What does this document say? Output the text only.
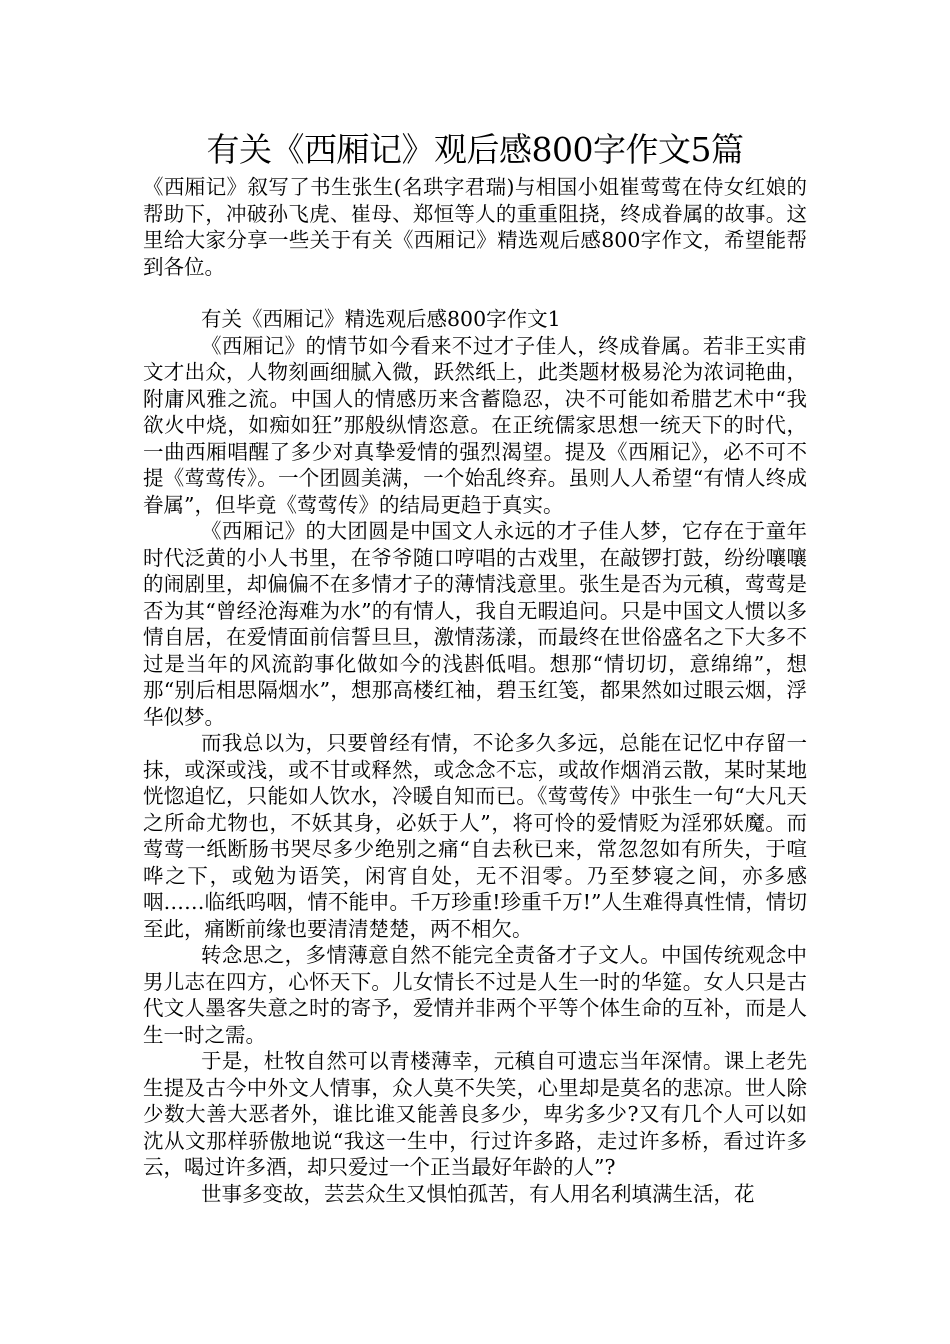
有关《西厢记》观后感800字作文5篇

《西厢记》叙写了书生张生(名珙字君瑞)与相国小姐崔莺莺在侍女红娘的帮助下，冲破孙飞虎、崔母、郑恒等人的重重阻挠，终成眷属的故事。这里给大家分享一些关于有关《西厢记》精选观后感800字作文，希望能帮到各位。

有关《西厢记》精选观后感800字作文1

《西厢记》的情节如今看来不过才子佳人，终成眷属。若非王实甫文才出众，人物刻画细腻入微，跃然纸上，此类题材极易沦为浓词艳曲，附庸风雅之流。中国人的情感历来含蓄隐忍，决不可能如希腊艺术中“我欲火中烧，如痴如狂”那般纵情恣意。在正统儒家思想一统天下的时代，一曲西厢唱醒了多少对真挚爱情的强烈渴望。提及《西厢记》，必不可不提《莺莺传》。一个团圆美满，一个始乱终弃。虽则人人希望“有情人终成眷属”，但毕竟《莺莺传》的结局更趋于真实。

《西厢记》的大团圆是中国文人永远的才子佳人梦，它存在于童年时代泛黄的小人书里，在爷爷随口哼唱的古戏里，在敲锣打鼓，纷纷嚷嚷的闹剧里，却偏偏不在多情才子的薄情浅意里。张生是否为元稹，莺莺是否为其“曾经沧海难为水”的有情人，我自无暇追问。只是中国文人惯以多情自居，在爱情面前信誓旦旦，激情荡漾，而最终在世俗盛名之下大多不过是当年的风流韵事化做如今的浅斟低唱。想那“情切切，意绵绵”，想那“别后相思隔烟水”，想那高楼红袖，碧玉红笺，都果然如过眼云烟，浮华似梦。

而我总以为，只要曾经有情，不论多久多远，总能在记忆中存留一抹，或深或浅，或不甘或释然，或念念不忘，或故作烟消云散，某时某地恍惚追忆，只能如人饮水，冷暖自知而已。《莺莺传》中张生一句“大凡天之所命尤物也，不妖其身，必妖于人”，将可怜的爱情贬为淫邪妖魔。而莺莺一纸断肠书哭尽多少绝别之痛“自去秋已来，常忽忽如有所失，于喧哗之下，或勉为语笑，闲宵自处，无不泪零。乃至梦寝之间，亦多感咽……临纸呜咽，情不能申。千万珍重!珍重千万!”人生难得真性情，情切至此，痛断前缘也要清清楚楚，两不相欠。

转念思之，多情薄意自然不能完全责备才子文人。中国传统观念中男儿志在四方，心怀天下。儿女情长不过是人生一时的华筵。女人只是古代文人墨客失意之时的寄予，爱情并非两个平等个体生命的互补，而是人生一时之需。

于是，杜牧自然可以青楼薄幸，元稹自可遗忘当年深情。课上老先生提及古今中外文人情事，众人莫不失笑，心里却是莫名的悲凉。世人除少数大善大恶者外，谁比谁又能善良多少，卑劣多少?又有几个人可以如沈从文那样骄傲地说“我这一生中，行过许多路，走过许多桥，看过许多云，喝过许多酒，却只爱过一个正当最好年龄的人”?

世事多变故，芸芸众生又惧怕孤苦，有人用名利填满生活，花
